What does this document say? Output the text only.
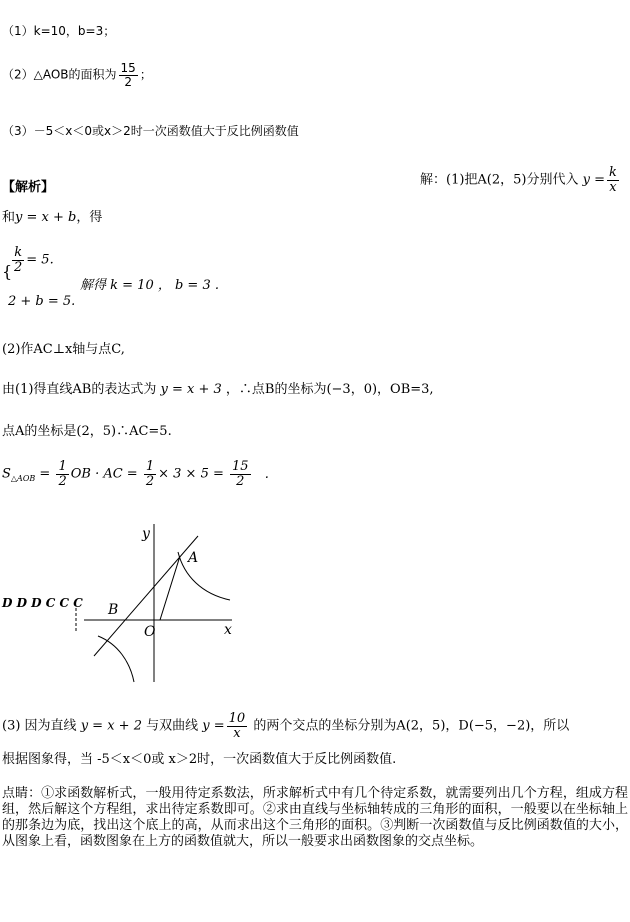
（1）k=10，b=3；
（2）△AOB的面积为 $\frac{15}{2}$ ；
（3）－5＜x＜0或x＞2时一次函数值大于反比例函数值
【解析】	解：(1)把A(2，5)分别代入 $y = \frac{k}{x}$
和y = x + b，得
{ $\frac{k}{2} = 5$.
2 + b = 5.
解得 k = 10 ， b = 3 .
(2)作AC⊥x轴与点C,
由(1)得直线AB的表达式为 y = x + 3 ，∴点B的坐标为(−3，0)，OB=3,
点A的坐标是(2，5)∴AC=5.
$S_{\triangle AOB} = \frac{1}{2}$ OB · AC = $\frac{1}{2} \times 3 \times 5 = \frac{15}{2}$ .
D D D C C C
y
x
O
A
B
(3) 因为直线 y = x + 2 与双曲线 $y = \frac{10}{x}$ 的两个交点的坐标分别为A(2，5)，D(−5，−2)，所以
根据图象得，当 -5＜x＜0或 x＞2时，一次函数值大于反比例函数值.
点睛：①求函数解析式，一般用待定系数法，所求解析式中有几个待定系数，就需要列出几个方程，组成方程组，然后解这个方程组，求出待定系数即可。②求由直线与坐标轴转成的三角形的面积，一般要以在坐标轴上的那条边为底，找出这个底上的高，从而求出这个三角形的面积。③判断一次函数值与反比例函数值的大小，从图象上看，函数图象在上方的函数值就大，所以一般要求出函数图象的交点坐标。
